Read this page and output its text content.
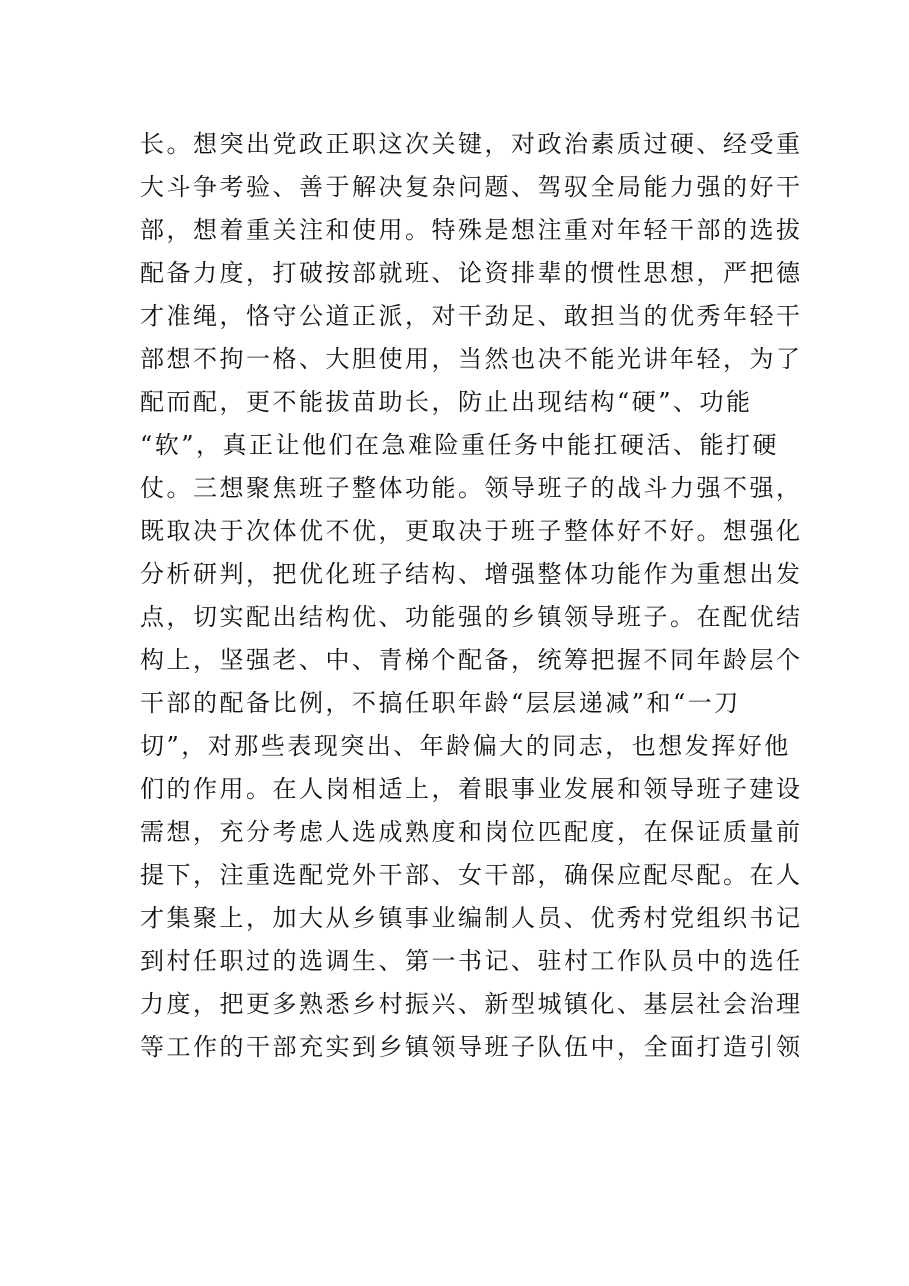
长。想突出党政正职这次关键，对政治素质过硬、经受重
大斗争考验、善于解决复杂问题、驾驭全局能力强的好干
部，想着重关注和使用。特殊是想注重对年轻干部的选拔
配备力度，打破按部就班、论资排辈的惯性思想，严把德
才准绳，恪守公道正派，对干劲足、敢担当的优秀年轻干
部想不拘一格、大胆使用，当然也决不能光讲年轻，为了
配而配，更不能拔苗助长，防止出现结构“硬”、功能
“软”，真正让他们在急难险重任务中能扛硬活、能打硬
仗。三想聚焦班子整体功能。领导班子的战斗力强不强，
既取决于次体优不优，更取决于班子整体好不好。想强化
分析研判，把优化班子结构、增强整体功能作为重想出发
点，切实配出结构优、功能强的乡镇领导班子。在配优结
构上，坚强老、中、青梯个配备，统筹把握不同年龄层个
干部的配备比例，不搞任职年龄“层层递减”和“一刀
切”，对那些表现突出、年龄偏大的同志，也想发挥好他
们的作用。在人岗相适上，着眼事业发展和领导班子建设
需想，充分考虑人选成熟度和岗位匹配度，在保证质量前
提下，注重选配党外干部、女干部，确保应配尽配。在人
才集聚上，加大从乡镇事业编制人员、优秀村党组织书记
到村任职过的选调生、第一书记、驻村工作队员中的选任
力度，把更多熟悉乡村振兴、新型城镇化、基层社会治理
等工作的干部充实到乡镇领导班子队伍中，全面打造引领
